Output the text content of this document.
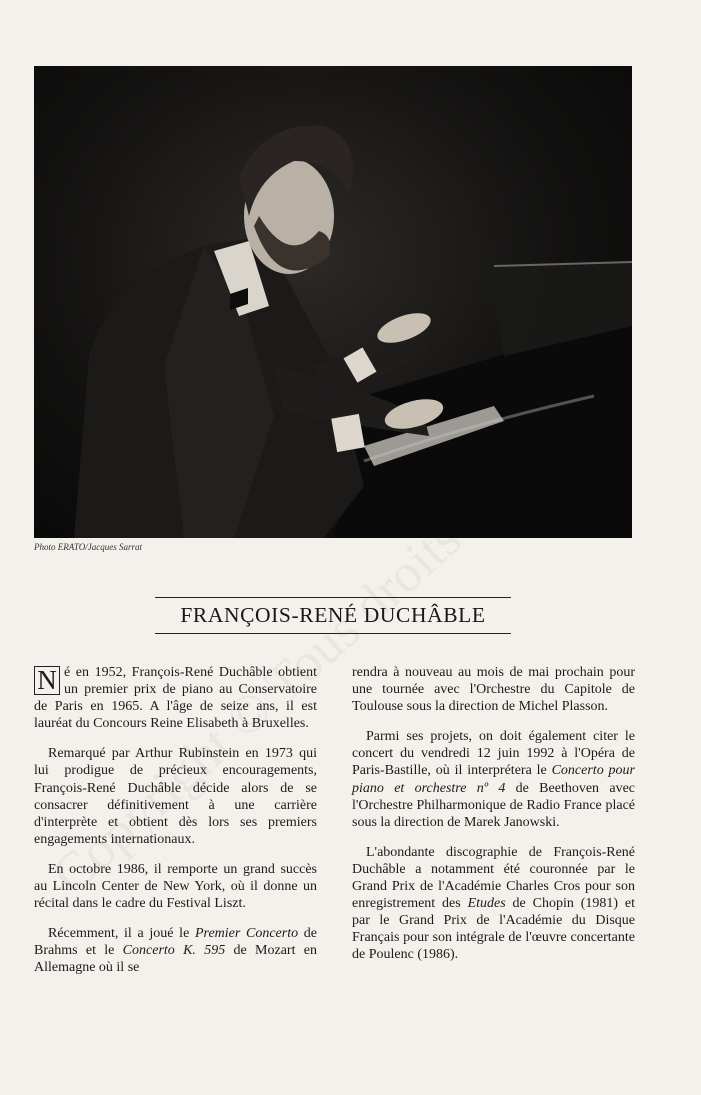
Photo ERATO/Jacques Sarrat
FRANÇOIS-RENÉ DUCHÂBLE

N é en 1952, François-René Duchâble obtient un premier prix de piano au Conservatoire de Paris en 1965. A l'âge de seize ans, il est lauréat du Concours Reine Elisabeth à Bruxelles.

Remarqué par Arthur Rubinstein en 1973 qui lui prodigue de précieux encouragements, François-René Duchâble décide alors de se consacrer définitivement à une carrière d'interprète et obtient dès lors ses premiers engagements internationaux.

En octobre 1986, il remporte un grand succès au Lincoln Center de New York, où il donne un récital dans le cadre du Festival Liszt.

Récemment, il a joué le Premier Concerto de Brahms et le Concerto K. 595 de Mozart en Allemagne où il se

rendra à nouveau au mois de mai prochain pour une tournée avec l'Orchestre du Capitole de Toulouse sous la direction de Michel Plasson.

Parmi ses projets, on doit également citer le concert du vendredi 12 juin 1992 à l'Opéra de Paris-Bastille, où il interprétera le Concerto pour piano et orchestre nº 4 de Beethoven avec l'Orchestre Philharmonique de Radio France placé sous la direction de Marek Janowski.

L'abondante discographie de François-René Duchâble a notamment été couronnée par le Grand Prix de l'Académie Charles Cros pour son enregistrement des Etudes de Chopin (1981) et par le Grand Prix de l'Académie du Disque Français pour son intégrale de l'œuvre concertante de Poulenc (1986).
